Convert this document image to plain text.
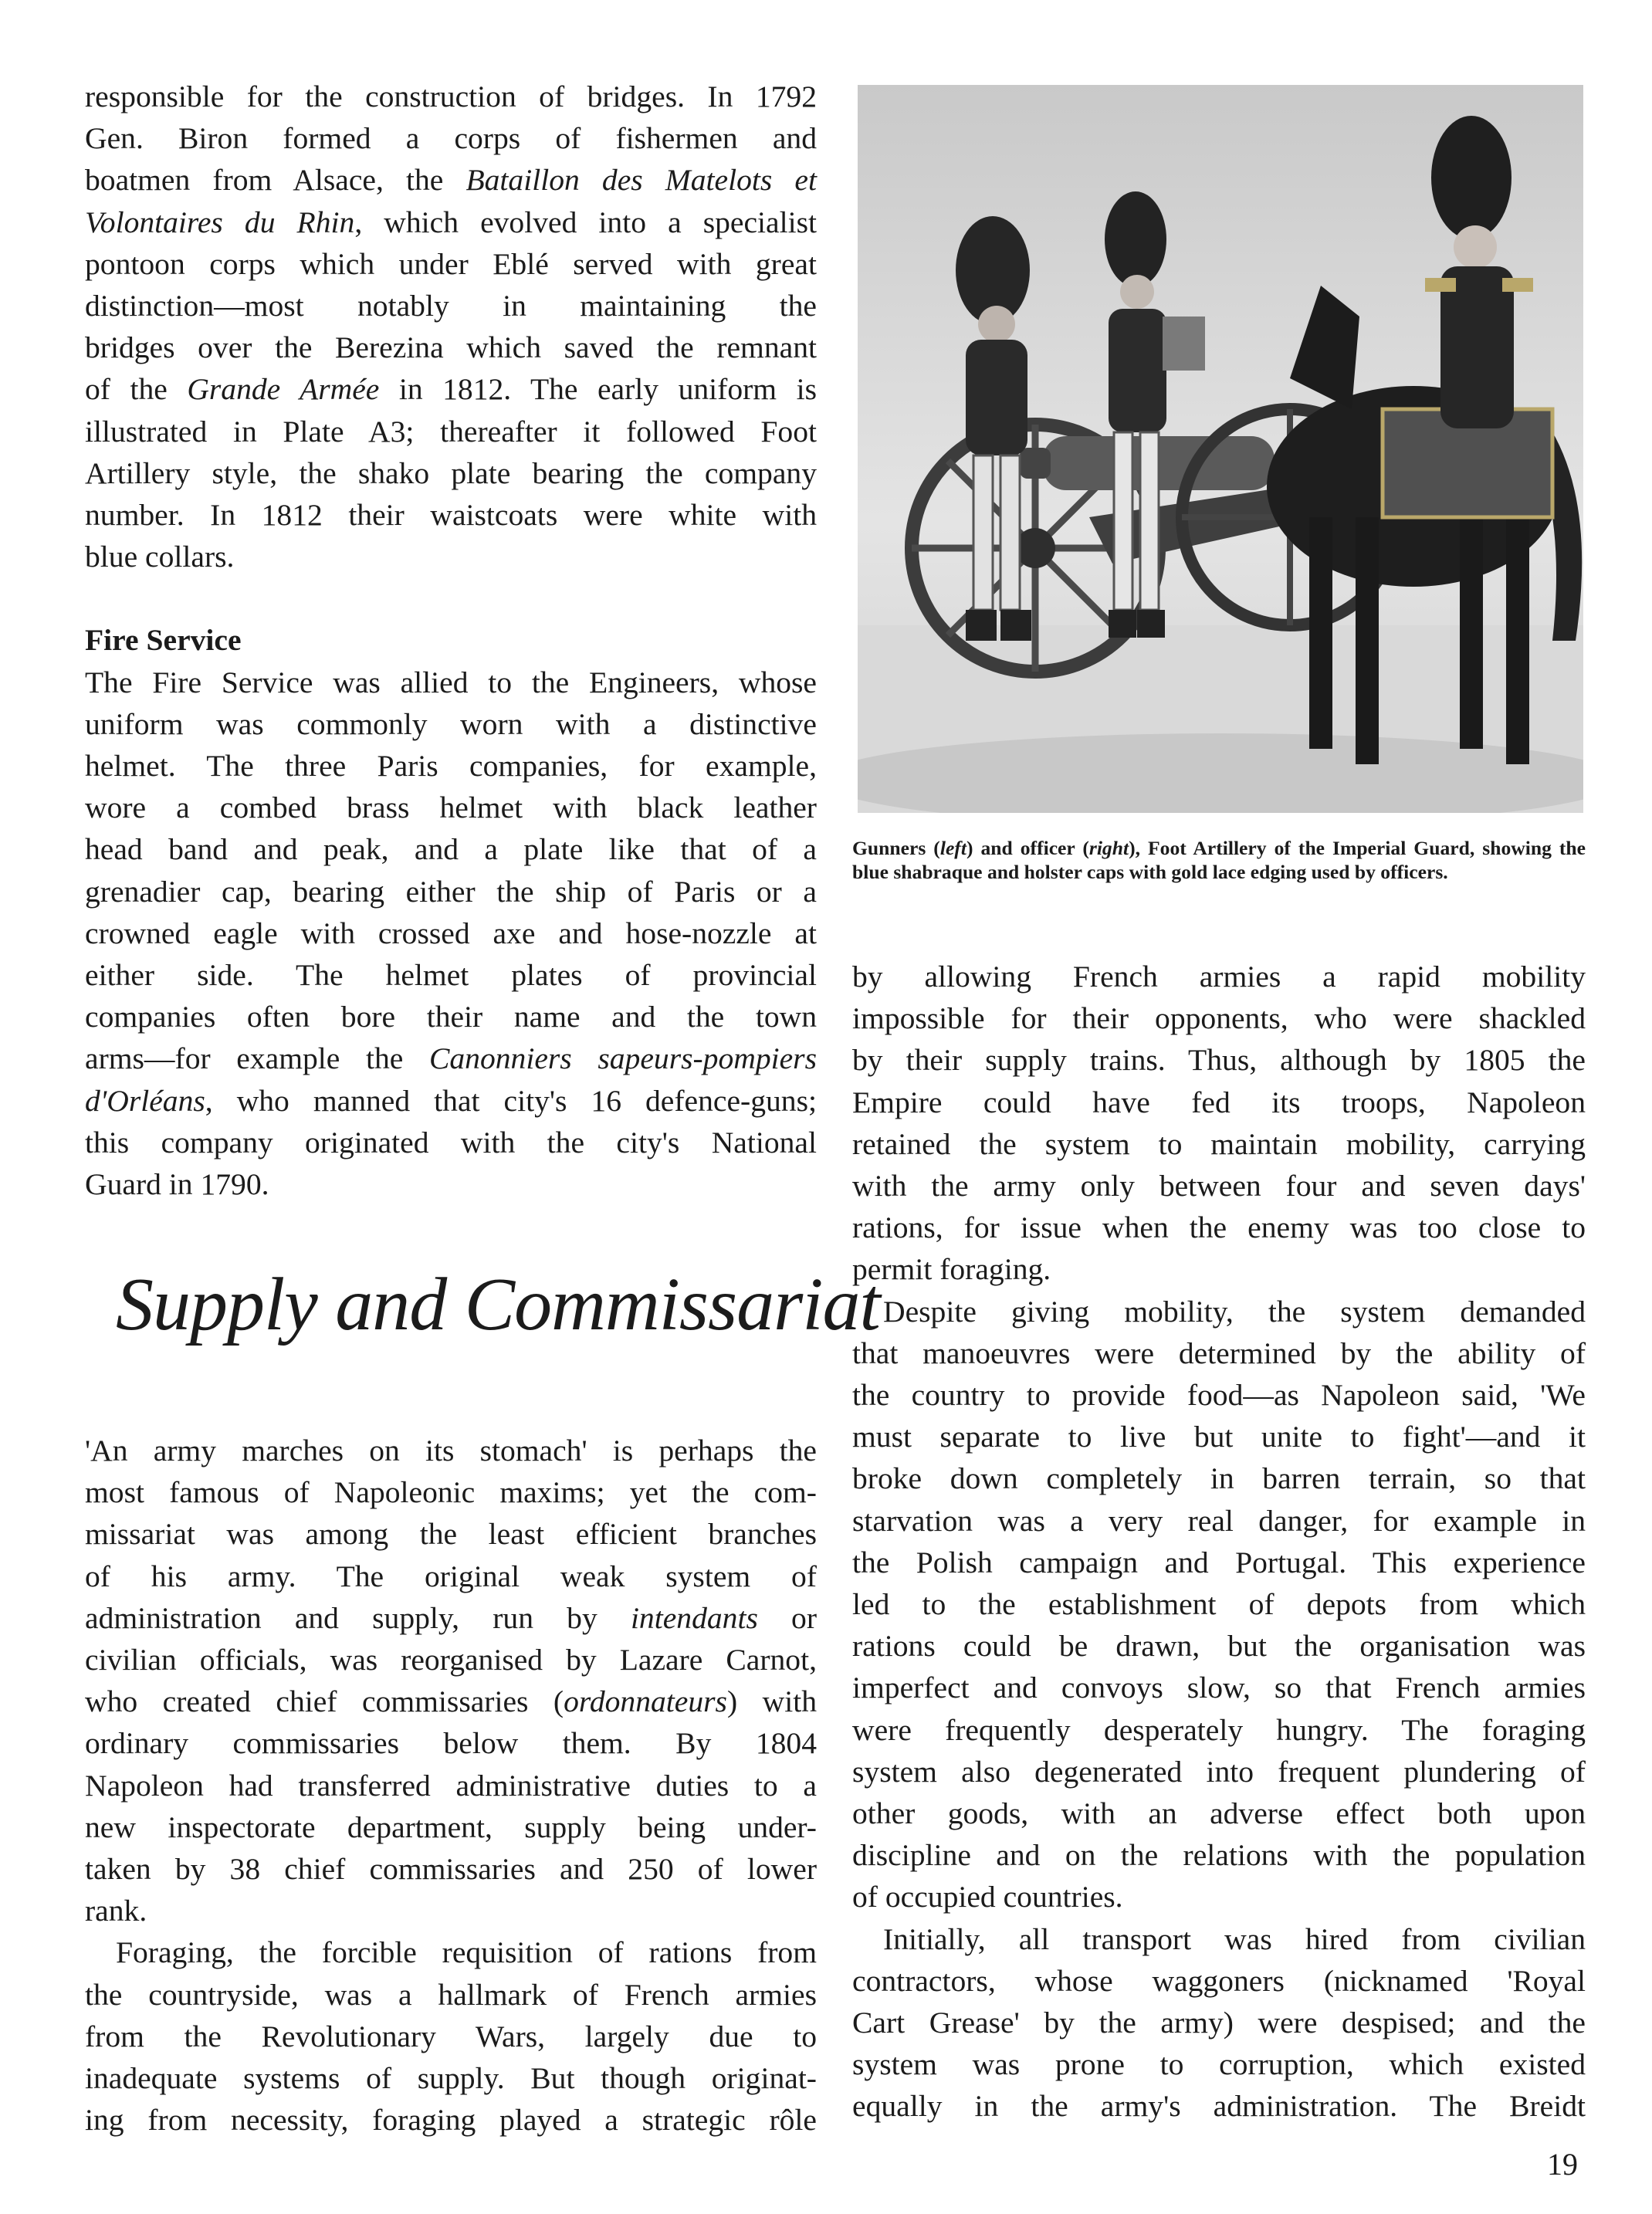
responsible for the construction of bridges. In 1792
Gen. Biron formed a corps of fishermen and
boatmen from Alsace, the Bataillon des Matelots et
Volontaires du Rhin, which evolved into a specialist
pontoon corps which under Eblé served with great
distinction—most notably in maintaining the
bridges over the Berezina which saved the remnant
of the Grande Armée in 1812. The early uniform is
illustrated in Plate A3; thereafter it followed Foot
Artillery style, the shako plate bearing the company
number. In 1812 their waistcoats were white with
blue collars.
Fire Service
The Fire Service was allied to the Engineers, whose
uniform was commonly worn with a distinctive
helmet. The three Paris companies, for example,
wore a combed brass helmet with black leather
head band and peak, and a plate like that of a
grenadier cap, bearing either the ship of Paris or a
crowned eagle with crossed axe and hose-nozzle at
either side. The helmet plates of provincial
companies often bore their name and the town
arms—for example the Canonniers sapeurs-pompiers
d'Orléans, who manned that city's 16 defence-guns;
this company originated with the city's National
Guard in 1790.
Supply and Commissariat
'An army marches on its stomach' is perhaps the
most famous of Napoleonic maxims; yet the com-
missariat was among the least efficient branches
of his army. The original weak system of
administration and supply, run by intendants or
civilian officials, was reorganised by Lazare Carnot,
who created chief commissaries (ordonnateurs) with
ordinary commissaries below them. By 1804
Napoleon had transferred administrative duties to a
new inspectorate department, supply being under-
taken by 38 chief commissaries and 250 of lower
rank.
Foraging, the forcible requisition of rations from
the countryside, was a hallmark of French armies
from the Revolutionary Wars, largely due to
inadequate systems of supply. But though originat-
ing from necessity, foraging played a strategic rôle

Gunners (left) and officer (right), Foot Artillery of the Imperial Guard, showing the blue shabraque and holster caps with gold lace edging used by officers.

by allowing French armies a rapid mobility
impossible for their opponents, who were shackled
by their supply trains. Thus, although by 1805 the
Empire could have fed its troops, Napoleon
retained the system to maintain mobility, carrying
with the army only between four and seven days'
rations, for issue when the enemy was too close to
permit foraging.
Despite giving mobility, the system demanded
that manoeuvres were determined by the ability of
the country to provide food—as Napoleon said, 'We
must separate to live but unite to fight'—and it
broke down completely in barren terrain, so that
starvation was a very real danger, for example in
the Polish campaign and Portugal. This experience
led to the establishment of depots from which
rations could be drawn, but the organisation was
imperfect and convoys slow, so that French armies
were frequently desperately hungry. The foraging
system also degenerated into frequent plundering of
other goods, with an adverse effect both upon
discipline and on the relations with the population
of occupied countries.
Initially, all transport was hired from civilian
contractors, whose waggoners (nicknamed 'Royal
Cart Grease' by the army) were despised; and the
system was prone to corruption, which existed
equally in the army's administration. The Breidt
19
